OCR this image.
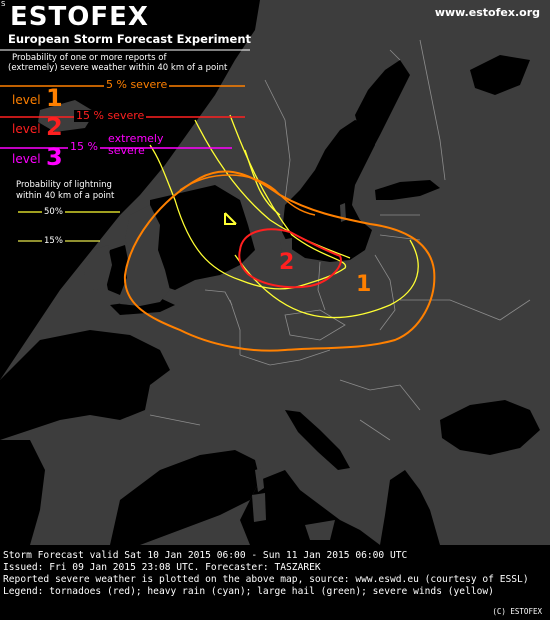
S ESTOFEX
European Storm Forecast Experiment
www.estofex.org
Probability of one or more reports of
(extremely) severe weather within 40 km of a point
level 1	5 % severe
level 2 15 % severe
level 3 15 %
extremely
severe
Probability of lightning
within 40 km of a point
50%
15%
2
1
Storm Forecast valid Sat 10 Jan 2015 06:00 - Sun 11 Jan 2015 06:00 UTC
Issued: Fri 09 Jan 2015 23:08 UTC. Forecaster: TASZAREK
Reported severe weather is plotted on the above map, source: www.eswd.eu (courtesy of ESSL)
Legend: tornadoes (red); heavy rain (cyan); large hail (green); severe winds (yellow)
(C) ESTOFEX
